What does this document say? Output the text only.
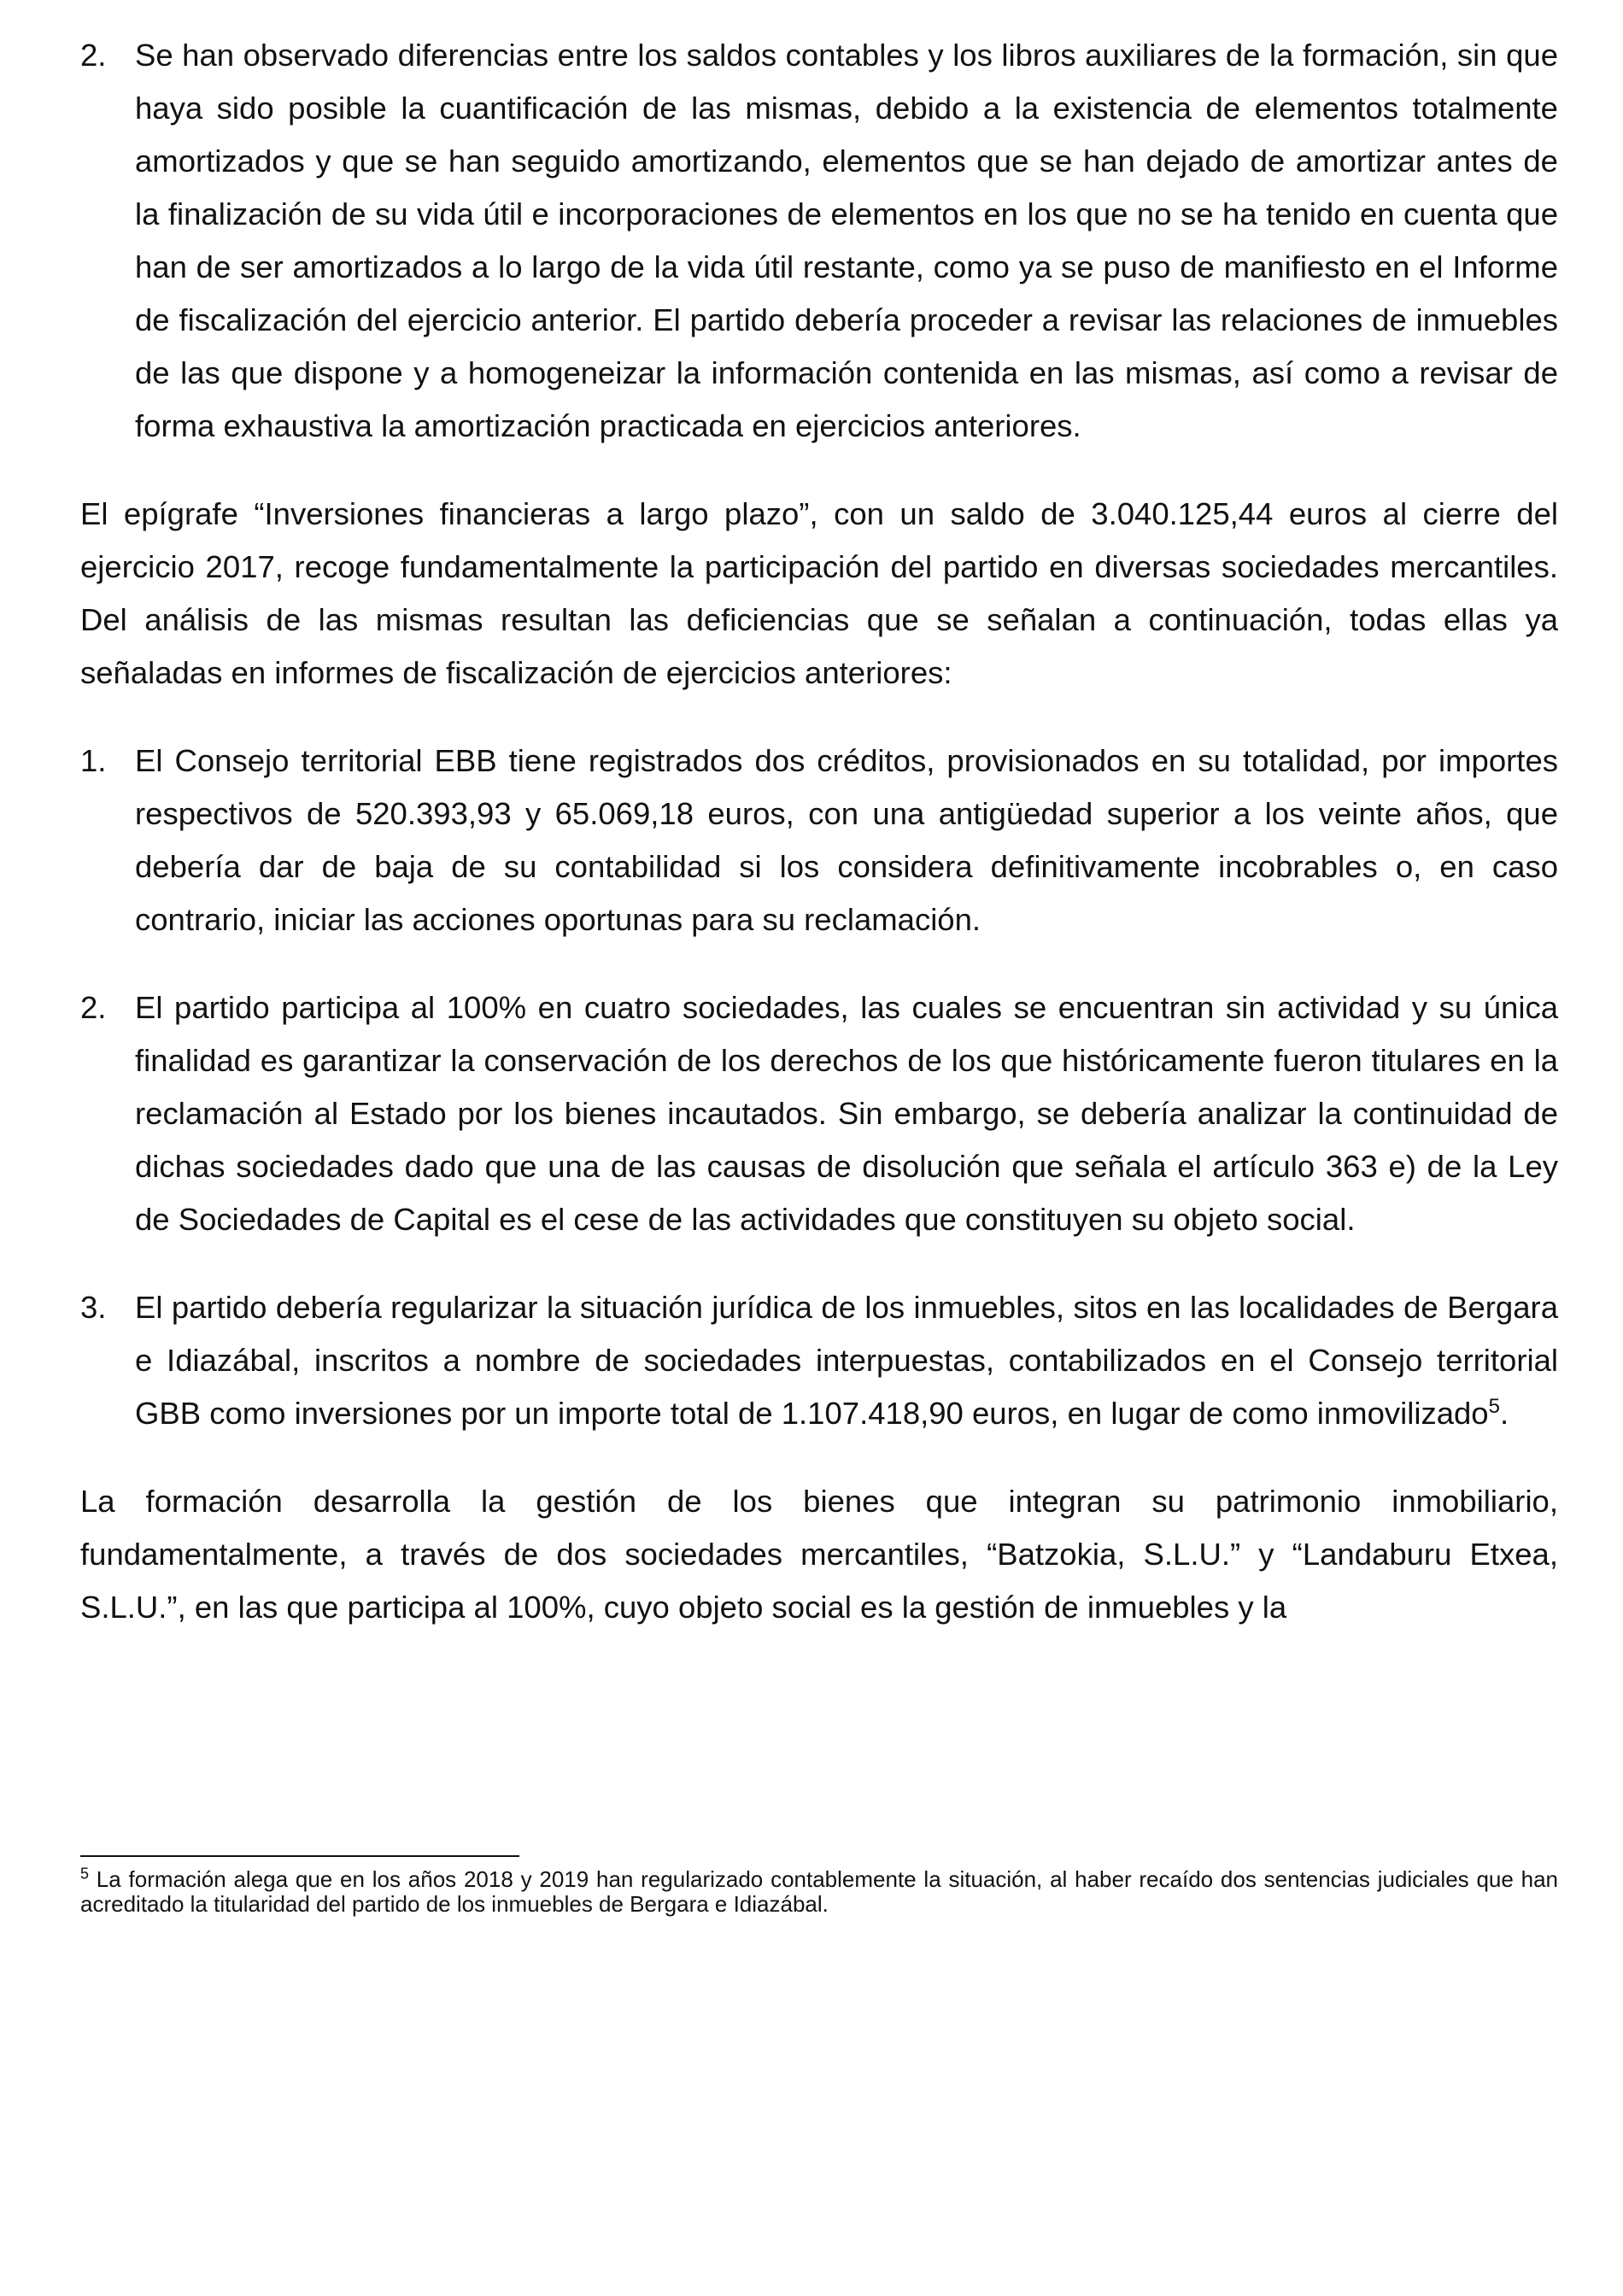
2. Se han observado diferencias entre los saldos contables y los libros auxiliares de la formación, sin que haya sido posible la cuantificación de las mismas, debido a la existencia de elementos totalmente amortizados y que se han seguido amortizando, elementos que se han dejado de amortizar antes de la finalización de su vida útil e incorporaciones de elementos en los que no se ha tenido en cuenta que han de ser amortizados a lo largo de la vida útil restante, como ya se puso de manifiesto en el Informe de fiscalización del ejercicio anterior. El partido debería proceder a revisar las relaciones de inmuebles de las que dispone y a homogeneizar la información contenida en las mismas, así como a revisar de forma exhaustiva la amortización practicada en ejercicios anteriores.
El epígrafe “Inversiones financieras a largo plazo”, con un saldo de 3.040.125,44 euros al cierre del ejercicio 2017, recoge fundamentalmente la participación del partido en diversas sociedades mercantiles. Del análisis de las mismas resultan las deficiencias que se señalan a continuación, todas ellas ya señaladas en informes de fiscalización de ejercicios anteriores:
1. El Consejo territorial EBB tiene registrados dos créditos, provisionados en su totalidad, por importes respectivos de 520.393,93 y 65.069,18 euros, con una antigüedad superior a los veinte años, que debería dar de baja de su contabilidad si los considera definitivamente incobrables o, en caso contrario, iniciar las acciones oportunas para su reclamación.
2. El partido participa al 100% en cuatro sociedades, las cuales se encuentran sin actividad y su única finalidad es garantizar la conservación de los derechos de los que históricamente fueron titulares en la reclamación al Estado por los bienes incautados. Sin embargo, se debería analizar la continuidad de dichas sociedades dado que una de las causas de disolución que señala el artículo 363 e) de la Ley de Sociedades de Capital es el cese de las actividades que constituyen su objeto social.
3. El partido debería regularizar la situación jurídica de los inmuebles, sitos en las localidades de Bergara e Idiazábal, inscritos a nombre de sociedades interpuestas, contabilizados en el Consejo territorial GBB como inversiones por un importe total de 1.107.418,90 euros, en lugar de como inmovilizado$^5$.
La formación desarrolla la gestión de los bienes que integran su patrimonio inmobiliario, fundamentalmente, a través de dos sociedades mercantiles, “Batzokia, S.L.U.” y “Landaburu Etxea, S.L.U.”, en las que participa al 100%, cuyo objeto social es la gestión de inmuebles y la
$^5$ La formación alega que en los años 2018 y 2019 han regularizado contablemente la situación, al haber recaído dos sentencias judiciales que han acreditado la titularidad del partido de los inmuebles de Bergara e Idiazábal.
